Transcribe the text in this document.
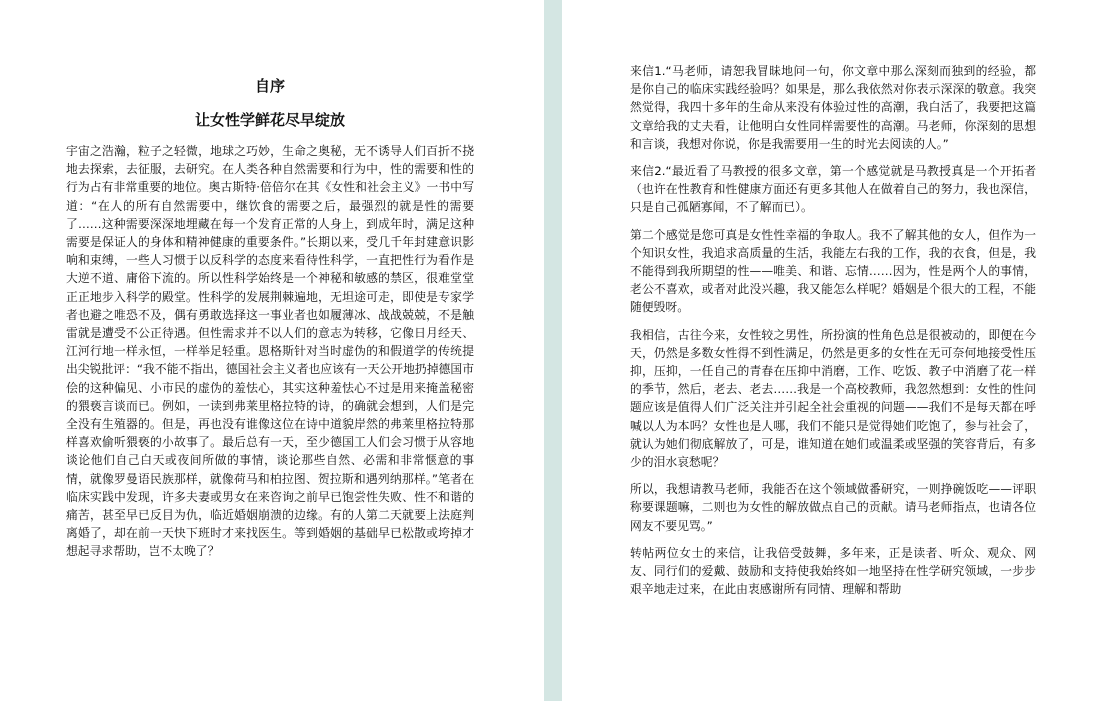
自序
让女性学鲜花尽早绽放

宇宙之浩瀚，粒子之轻微，地球之巧妙，生命之奥秘，无不诱导人们百折不挠地去探索，去征服，去研究。在人类各种自然需要和行为中，性的需要和性的行为占有非常重要的地位。奥古斯特·倍倍尔在其《女性和社会主义》一书中写道：“在人的所有自然需要中，继饮食的需要之后，最强烈的就是性的需要了……这种需要深深地埋藏在每一个发育正常的人身上，到成年时，满足这种需要是保证人的身体和精神健康的重要条件。”长期以来，受几千年封建意识影响和束缚，一些人习惯于以反科学的态度来看待性科学，一直把性行为看作是大逆不道、庸俗下流的。所以性科学始终是一个神秘和敏感的禁区，很难堂堂正正地步入科学的殿堂。性科学的发展荆棘遍地，无坦途可走，即使是专家学者也避之唯恐不及，偶有勇敢选择这一事业者也如履薄冰、战战兢兢，不是触雷就是遭受不公正待遇。但性需求并不以人们的意志为转移，它像日月经天、江河行地一样永恒，一样举足轻重。恩格斯针对当时虚伪的和假道学的传统提出尖锐批评：“我不能不指出，德国社会主义者也应该有一天公开地扔掉德国市侩的这种偏见、小市民的虚伪的羞怯心，其实这种羞怯心不过是用来掩盖秘密的猥亵言谈而已。例如，一读到弗莱里格拉特的诗，的确就会想到，人们是完全没有生殖器的。但是，再也没有谁像这位在诗中道貌岸然的弗莱里格拉特那样喜欢偷听猥亵的小故事了。最后总有一天，至少德国工人们会习惯于从容地谈论他们自己白天或夜间所做的事情，谈论那些自然、必需和非常惬意的事情，就像罗曼语民族那样，就像荷马和柏拉图、贺拉斯和遇列纳那样。”笔者在临床实践中发现，许多夫妻或男女在来咨询之前早已饱尝性失败、性不和谐的痛苦，甚至早已反目为仇，临近婚姻崩溃的边缘。有的人第二天就要上法庭判离婚了，却在前一天快下班时才来找医生。等到婚姻的基础早已松散或垮掉才想起寻求帮助，岂不太晚了？

来信1.“马老师，请恕我冒昧地问一句，你文章中那么深刻而独到的经验，都是你自己的临床实践经验吗？如果是，那么我依然对你表示深深的敬意。我突然觉得，我四十多年的生命从来没有体验过性的高潮，我白活了，我要把这篇文章给我的丈夫看，让他明白女性同样需要性的高潮。马老师，你深刻的思想和言谈，我想对你说，你是我需要用一生的时光去阅读的人。”

来信2.“最近看了马教授的很多文章，第一个感觉就是马教授真是一个开拓者（也许在性教育和性健康方面还有更多其他人在做着自己的努力，我也深信，只是自己孤陋寡闻，不了解而已）。

第二个感觉是您可真是女性性幸福的争取人。我不了解其他的女人，但作为一个知识女性，我追求高质量的生活，我能左右我的工作，我的衣食，但是，我不能得到我所期望的性——唯美、和谐、忘情……因为，性是两个人的事情，老公不喜欢，或者对此没兴趣，我又能怎么样呢？婚姻是个很大的工程，不能随便毁呀。

我相信，古往今来，女性较之男性，所扮演的性角色总是很被动的，即便在今天，仍然是多数女性得不到性满足，仍然是更多的女性在无可奈何地接受性压抑，压抑，一任自己的青春在压抑中消磨，工作、吃饭、教子中消磨了花一样的季节，然后，老去、老去……我是一个高校教师，我忽然想到：女性的性问题应该是值得人们广泛关注并引起全社会重视的问题——我们不是每天都在呼喊以人为本吗？女性也是人哪，我们不能只是觉得她们吃饱了，参与社会了，就认为她们彻底解放了，可是，谁知道在她们或温柔或坚强的笑容背后，有多少的泪水哀愁呢？

所以，我想请教马老师，我能否在这个领域做番研究，一则挣碗饭吃——评职称要课题嘛，二则也为女性的解放做点自己的贡献。请马老师指点，也请各位网友不要见骂。”

转帖两位女士的来信，让我倍受鼓舞，多年来，正是读者、听众、观众、网友、同行们的爱戴、鼓励和支持使我始终如一地坚持在性学研究领域，一步步艰辛地走过来，在此由衷感谢所有同情、理解和帮助
